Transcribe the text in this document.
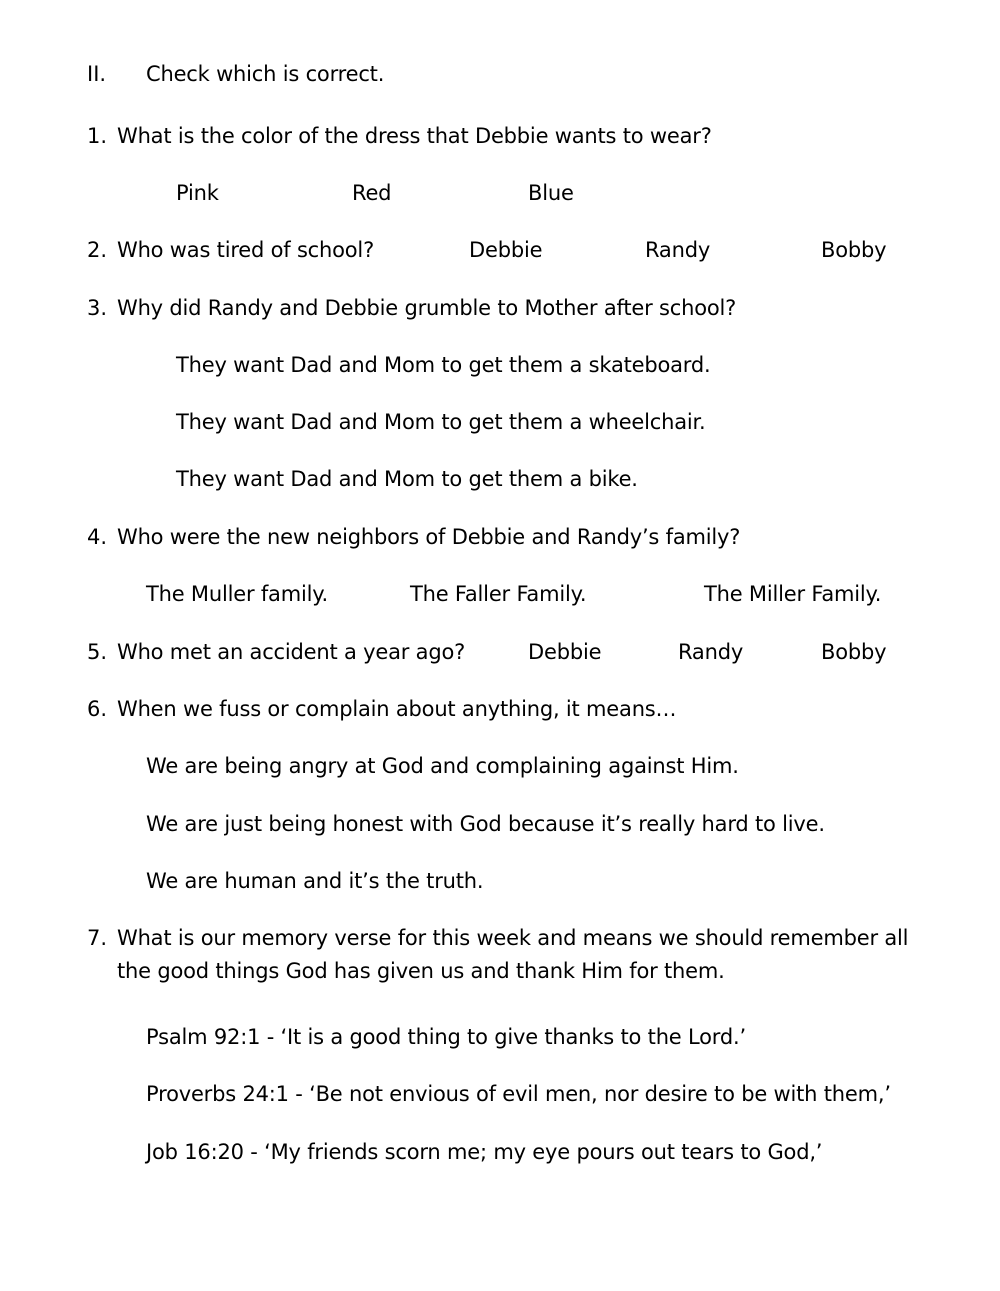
II. Check which is correct.
1. What is the color of the dress that Debbie wants to wear?
Pink	Red	Blue
2. Who was tired of school?	Debbie	Randy	Bobby
3. Why did Randy and Debbie grumble to Mother after school?
They want Dad and Mom to get them a skateboard.
They want Dad and Mom to get them a wheelchair.
They want Dad and Mom to get them a bike.
4. Who were the new neighbors of Debbie and Randy’s family?
The Muller family.	The Faller Family.	The Miller Family.
5. Who met an accident a year ago?	Debbie	Randy	Bobby
6. When we fuss or complain about anything, it means…
We are being angry at God and complaining against Him.
We are just being honest with God because it’s really hard to live.
We are human and it’s the truth.
7. What is our memory verse for this week and means we should remember all
the good things God has given us and thank Him for them.
Psalm 92:1 - ‘It is a good thing to give thanks to the Lord.’
Proverbs 24:1 - ‘Be not envious of evil men, nor desire to be with them,’
Job 16:20 - ‘My friends scorn me; my eye pours out tears to God,’
